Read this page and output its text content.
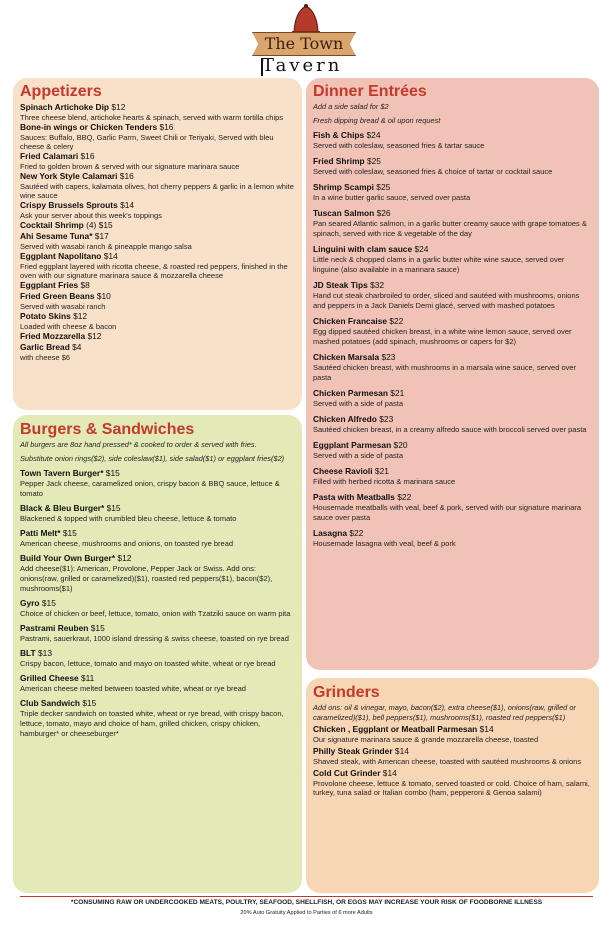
The Town
Tavern
Appetizers
Spinach Artichoke Dip $12
Three cheese blend, artichoke hearts & spinach, served with warm tortilla chips
Bone-in wings or Chicken Tenders $16
Sauces: Buffalo, BBQ, Garlic Parm, Sweet Chili or Teriyaki, Served with bleu cheese & celery
Fried Calamari $16
Fried to golden brown & served with our signature marinara sauce
New York Style Calamari $16
Sautéed with capers, kalamata olives, hot cherry peppers & garlic in a lemon white wine sauce
Crispy Brussels Sprouts $14
Ask your server about this week's toppings
Cocktail Shrimp (4) $15
Ahi Sesame Tuna* $17
Served with wasabi ranch & pineapple mango salsa
Eggplant Napolitano $14
Fried eggplant layered with ricotta cheese, & roasted red peppers, finished in the oven with our signature marinara sauce & mozzarella cheese
Eggplant Fries $8
Fried Green Beans $10
Served with wasabi ranch
Potato Skins $12
Loaded with cheese & bacon
Fried Mozzarella $12
Garlic Bread $4
with cheese $6
Dinner Entrées
Add a side salad for $2
Fresh dipping bread & oil upon request
Fish & Chips $24
Served with coleslaw, seasoned fries & tartar sauce
Fried Shrimp $25
Served with coleslaw, seasoned fries & choice of tartar or cocktail sauce
Shrimp Scampi $25
In a wine butter garlic sauce, served over pasta
Tuscan Salmon $26
Pan seared Atlantic salmon, in a garlic butter creamy sauce with grape tomatoes & spinach, served with rice & vegetable of the day
Linguini with clam sauce $24
Little neck & chopped clams in a garlic butter white wine sauce, served over linguine (also available in a marinara sauce)
JD Steak Tips $32
Hand cut steak charbroiled to order, sliced and sautéed with mushrooms, onions and peppers in a Jack Daniels Demi glacé, served with mashed potatoes
Chicken Francaise $22
Egg dipped sautéed chicken breast, in a white wine lemon sauce, served over mashed potatoes (add spinach, mushrooms or capers for $2)
Chicken Marsala $23
Sautéed chicken breast, with mushrooms in a marsala wine sauce, served over pasta
Chicken Parmesan $21
Served with a side of pasta
Chicken Alfredo $23
Sautéed chicken breast, in a creamy alfredo sauce with broccoli served over pasta
Eggplant Parmesan $20
Served with a side of pasta
Cheese Ravioli $21
Filled with herbed ricotta & marinara sauce
Pasta with Meatballs $22
Housemade meatballs with veal, beef & pork, served with our signature marinara sauce over pasta
Lasagna $22
Housemade lasagna with veal, beef & pork
Burgers & Sandwiches
All burgers are 8oz hand pressed* & cooked to order & served with fries.
Substitute onion rings($2), side coleslaw($1), side salad($1) or eggplant fries($2)
Town Tavern Burger* $15
Pepper Jack cheese, caramelized onion, crispy bacon & BBQ sauce, lettuce & tomato
Black & Bleu Burger* $15
Blackened & topped with crumbled bleu cheese, lettuce & tomato
Patti Melt* $15
American cheese, mushrooms and onions, on toasted rye bread
Build Your Own Burger* $12
Add cheese($1): American, Provolone, Pepper Jack or Swiss. Add ons: onions(raw, grilled or caramelized)($1), roasted red peppers($1), bacon($2), mushrooms($1)
Gyro $15
Choice of chicken or beef, lettuce, tomato, onion with Tzatziki sauce on warm pita
Pastrami Reuben $15
Pastrami, sauerkraut, 1000 island dressing & swiss cheese, toasted on rye bread
BLT $13
Crispy bacon, lettuce, tomato and mayo on toasted white, wheat or rye bread
Grilled Cheese $11
American cheese melted between toasted white, wheat or rye bread
Club Sandwich $15
Triple decker sandwich on toasted white, wheat or rye bread, with crispy bacon, lettuce, tomato, mayo and choice of ham, grilled chicken, crispy chicken, hamburger* or cheeseburger*
Grinders
Add ons: oil & vinegar, mayo, bacon($2), extra cheese($1), onions(raw, grilled or caramelized)($1), bell peppers($1), mushrooms($1), roasted red peppers($1)
Chicken , Eggplant or Meatball Parmesan $14
Our signature marinara sauce & grande mozzarella cheese, toasted
Philly Steak Grinder $14
Shaved steak, with American cheese, toasted with sautéed mushrooms & onions
Cold Cut Grinder $14
Provolone cheese, lettuce & tomato, served toasted or cold. Choice of ham, salami, turkey, tuna salad or Italian combo (ham, pepperoni & Genoa salami)
*CONSUMING RAW OR UNDERCOOKED MEATS, POULTRY, SEAFOOD, SHELLFISH, OR EGGS MAY INCREASE YOUR RISK OF FOODBORNE ILLNESS
20% Auto Gratuity Applied to Parties of 6 more Adults
